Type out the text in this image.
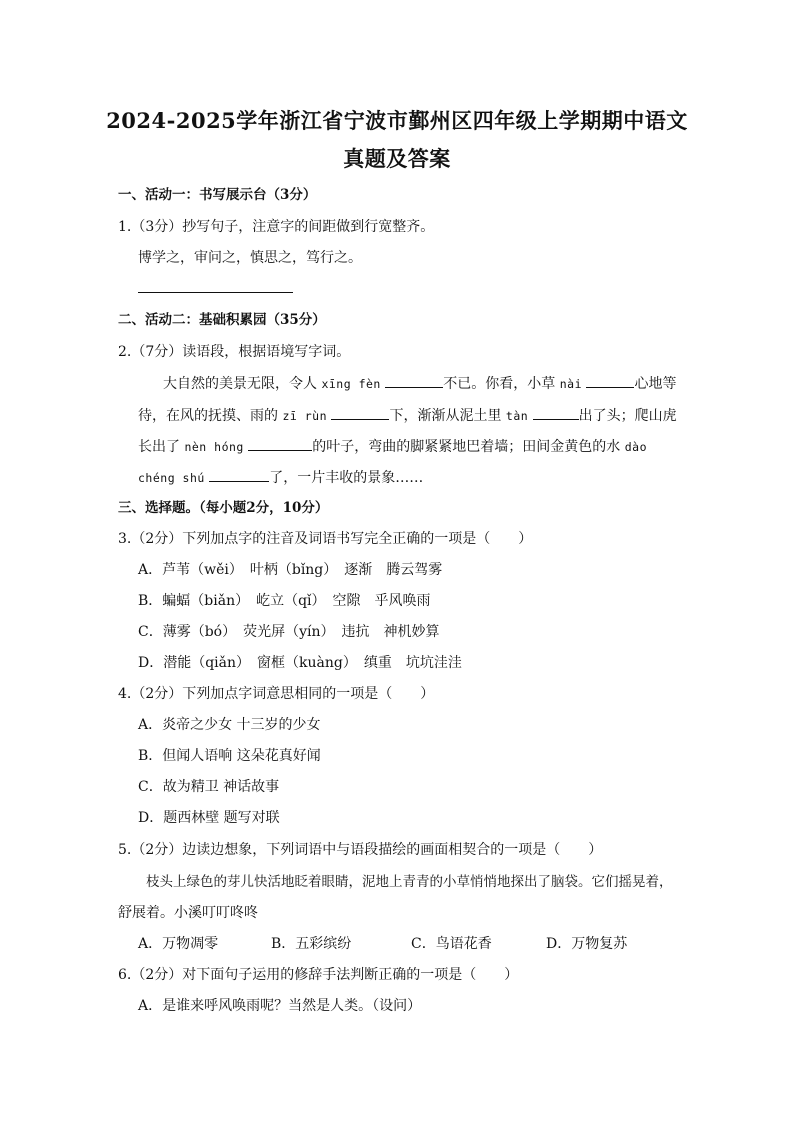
2024-2025学年浙江省宁波市鄞州区四年级上学期期中语文
真题及答案
一、活动一：书写展示台（3分）
1.（3分）抄写句子，注意字的间距做到行宽整齐。
博学之，审问之，慎思之，笃行之。
二、活动二：基础积累园（35分）
2.（7分）读语段，根据语境写字词。
大自然的美景无限，令人 xīng fèn	不已。你看，小草 nài	心地等
待，在风的抚摸、雨的 zī rùn	下，渐渐从泥土里 tàn	出了头；爬山虎
长出了 nèn hóng	的叶子，弯曲的脚紧紧地巴着墙；田间金黄色的水 dào
chéng shú	了，一片丰收的景象……
三、选择题。（每小题2分，10分）
3.（2分）下列加点字的注音及词语书写完全正确的一项是（　　）
A．芦苇（wěi）　叶柄（bǐng）　逐渐　腾云驾雾
B．蝙蝠（biǎn）　屹立（qǐ）　空隙　乎风唤雨
C．薄雾（bó）　荧光屏（yín）　违抗　神机妙算
D．潜能（qiǎn）　窗框（kuàng）　缜重　坑坑洼洼
4.（2分）下列加点字词意思相同的一项是（　　）
A．炎帝之少女 十三岁的少女
B．但闻人语响 这朵花真好闻
C．故为精卫 神话故事
D．题西林壁 题写对联
5.（2分）边读边想象，下列词语中与语段描绘的画面相契合的一项是（　　）
枝头上绿色的芽儿快活地眨着眼睛，泥地上青青的小草悄悄地探出了脑袋。它们摇晃着，
舒展着。小溪叮叮咚咚
A．万物凋零	B．五彩缤纷	C．鸟语花香	D．万物复苏
6.（2分）对下面句子运用的修辞手法判断正确的一项是（　　）
A．是谁来呼风唤雨呢？当然是人类。（设问）
